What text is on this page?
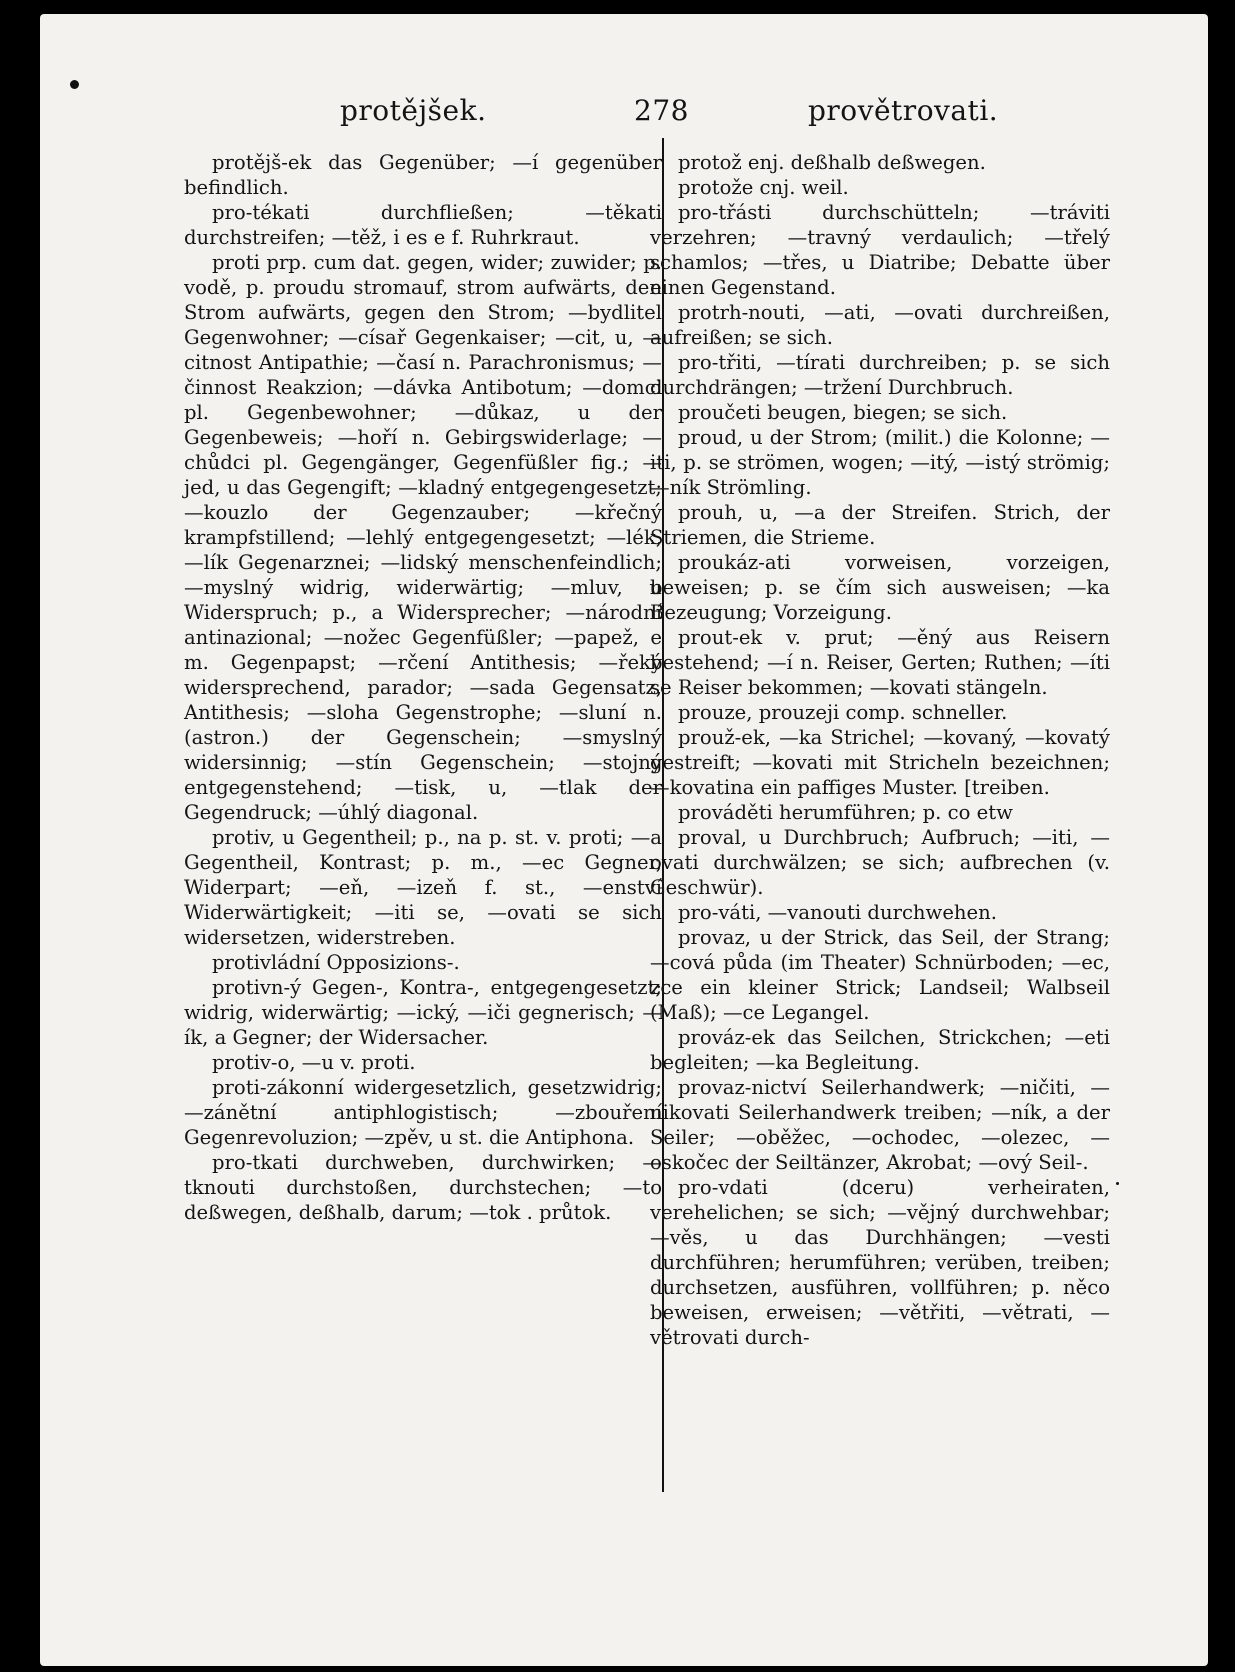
protějšek.	278	provětrovati.

protějš-ek das Gegenüber; —í gegenüber befindlich.

pro-tékati durchfließen; —těkati durchstreifen; —těž, i es e f. Ruhrkraut.

proti prp. cum dat. gegen, wider; zuwider; p. vodě, p. proudu stromauf, strom aufwärts, den Strom aufwärts, gegen den Strom; —bydlitel Gegenwohner; —císař Gegenkaiser; —cit, u, —citnost Antipathie; —časí n. Parachronismus; —činnost Reakzion; —dávka Antibotum; —domci pl. Gegenbewohner; —důkaz, u der Gegenbeweis; —hoří n. Gebirgswiderlage; —chůdci pl. Gegengänger, Gegenfüßler fig.; —jed, u das Gegengift; —kladný entgegengesetzt; —kouzlo der Gegenzauber; —křečný krampfstillend; —lehlý entgegengesetzt; —lék, —lík Gegenarznei; —lidský menschenfeindlich; —myslný widrig, widerwärtig; —mluv, u Widerspruch; p., a Widersprecher; —národní antinazional; —nožec Gegenfüßler; —papež, e m. Gegenpapst; —rčení Antithesis; —řeký widersprechend, parador; —sada Gegensatz, Antithesis; —sloha Gegenstrophe; —sluní n. (astron.) der Gegenschein; —smyslný widersinnig; —stín Gegenschein; —stojný entgegenstehend; —tisk, u, —tlak der Gegendruck; —úhlý diagonal.

protiv, u Gegentheil; p., na p. st. v. proti; —a Gegentheil, Kontrast; p. m., —ec Gegner, Widerpart; —eň, —izeň f. st., —enství Widerwärtigkeit; —iti se, —ovati se sich widersetzen, widerstreben.

protivládní Opposizions-.

protivn-ý Gegen-, Kontra-, entgegengesetzt; widrig, widerwärtig; —ický, —iči gegnerisch; —ík, a Gegner; der Widersacher.

protiv-o, —u v. proti.

proti-zákonní widergesetzlich, gesetzwidrig; —zánětní antiphlogistisch; —zbouření Gegenrevoluzion; —zpěv, u st. die Antiphona.

pro-tkati durchweben, durchwirken; —tknouti durchstoßen, durchstechen; —to deßwegen, deßhalb, darum; —tok . průtok.

protož enj. deßhalb deßwegen.

protože cnj. weil.

pro-třásti durchschütteln; —tráviti verzehren; —travný verdaulich; —třelý schamlos; —třes, u Diatribe; Debatte über einen Gegenstand.

protrh-nouti, —ati, —ovati durchreißen, aufreißen; se sich.

pro-třiti, —tírati durchreiben; p. se sich durchdrängen; —tržení Durchbruch.

proučeti beugen, biegen; se sich.

proud, u der Strom; (milit.) die Kolonne; —iti, p. se strömen, wogen; —itý, —istý strömig; —ník Strömling.

prouh, u, —a der Streifen. Strich, der Striemen, die Strieme.

proukáz-ati vorweisen, vorzeigen, beweisen; p. se čím sich ausweisen; —ka Bezeugung; Vorzeigung.

prout-ek v. prut; —ěný aus Reisern bestehend; —í n. Reiser, Gerten; Ruthen; —íti se Reiser bekommen; —kovati stängeln.

prouze, prouzeji comp. schneller.

prouž-ek, —ka Strichel; —kovaný, —kovatý gestreift; —kovati mit Stricheln bezeichnen; —kovatina ein paffiges Muster. [treiben.

prováděti herumführen; p. co etw

proval, u Durchbruch; Aufbruch; —iti, —ovati durchwälzen; se sich; aufbrechen (v. Geschwür).

pro-váti, —vanouti durchwehen.

provaz, u der Strick, das Seil, der Strang; —cová půda (im Theater) Schnürboden; —ec, zce ein kleiner Strick; Landseil; Walbseil (Maß); —ce Legangel.

prováz-ek das Seilchen, Strickchen; —eti begleiten; —ka Begleitung.

provaz-nictví Seilerhandwerk; —ničiti, —nikovati Seilerhandwerk treiben; —ník, a der Seiler; —oběžec, —ochodec, —olezec, —oskočec der Seiltänzer, Akrobat; —ový Seil-.

pro-vdati (dceru) verheiraten, verehelichen; se sich; —vějný durchwehbar; —věs, u das Durchhängen; —vesti durchführen; herumführen; verüben, treiben; durchsetzen, ausführen, vollführen; p. něco beweisen, erweisen; —větřiti, —větrati, —větrovati durch-
